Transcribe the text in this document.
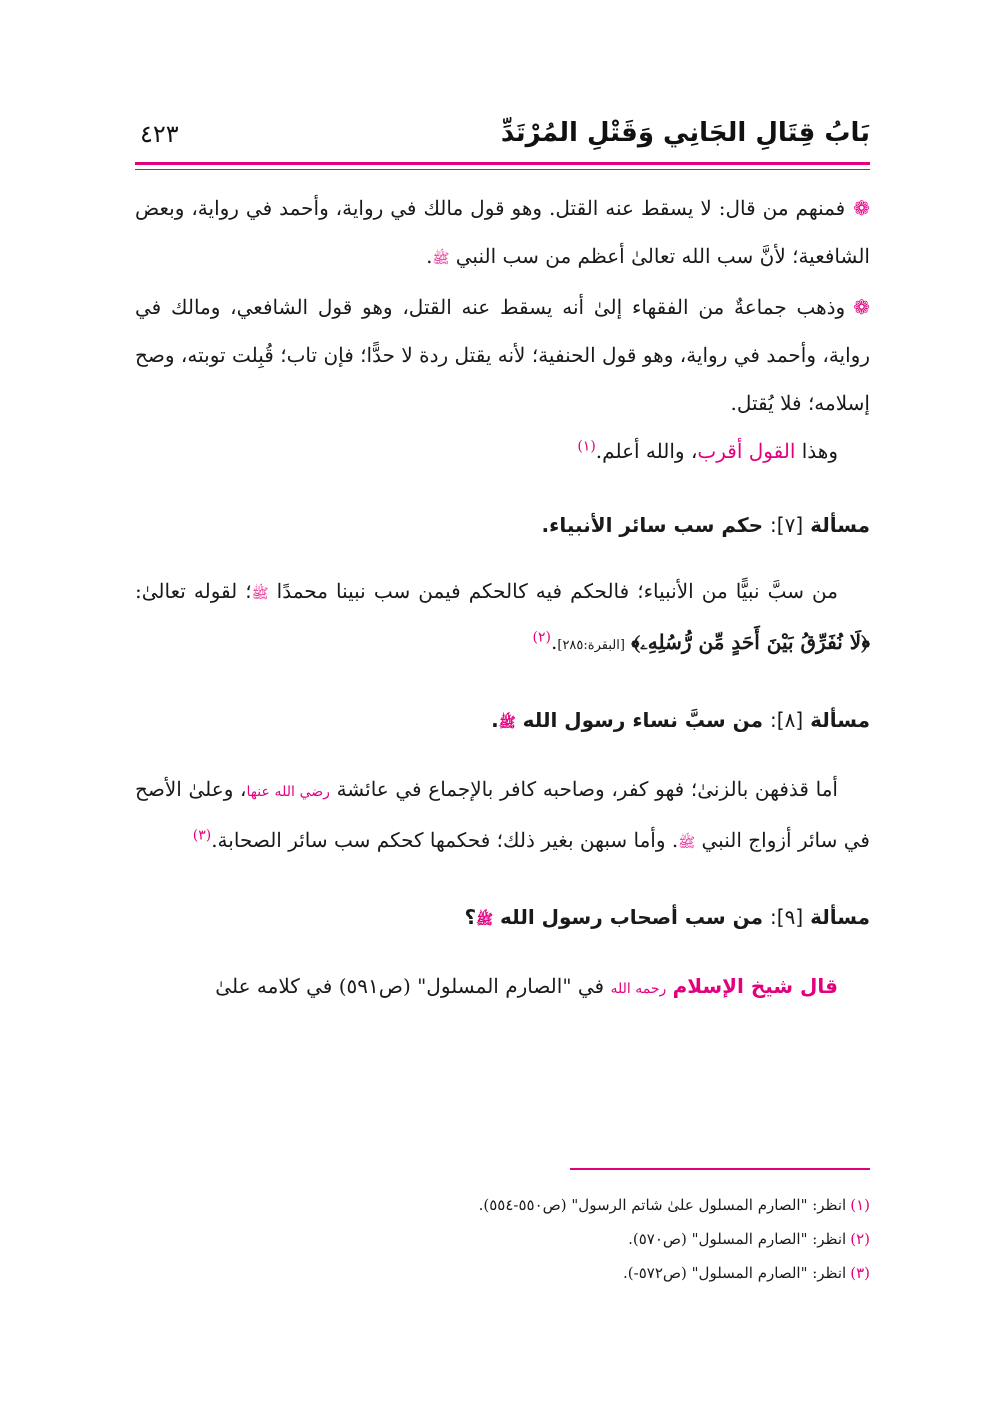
بَابُ قِتَالِ الجَانِي وَقَتْلِ المُرْتَدِّ
٤٢٣

❁فمنهم من قال: لا يسقط عنه القتل. وهو قول مالك في رواية، وأحمد في رواية، وبعض الشافعية؛ لأنَّ سب الله تعالىٰ أعظم من سب النبي ﷺ.

❁وذهب جماعةٌ من الفقهاء إلىٰ أنه يسقط عنه القتل، وهو قول الشافعي، ومالك في رواية، وأحمد في رواية، وهو قول الحنفية؛ لأنه يقتل ردة لا حدًّا؛ فإن تاب؛ قُبِلت توبته، وصح إسلامه؛ فلا يُقتل.

وهذا القول أقرب، والله أعلم.$^{(١)}$

مسألة [٧]: حكم سب سائر الأنبياء.

من سبَّ نبيًّا من الأنبياء؛ فالحكم فيه كالحكم فيمن سب نبينا محمدًا ﷺ؛ لقوله تعالىٰ: ﴿لَا نُفَرِّقُ بَيْنَ أَحَدٍ مِّن رُّسُلِهِۦ﴾ [البقرة:٢٨٥].$^{(٢)}$

مسألة [٨]: من سبَّ نساء رسول الله ﷺ.

أما قذفهن بالزنىٰ؛ فهو كفر، وصاحبه كافر بالإجماع في عائشة رضي الله عنها، وعلىٰ الأصح في سائر أزواج النبي ﷺ. وأما سبهن بغير ذلك؛ فحكمها كحكم سب سائر الصحابة.$^{(٣)}$

مسألة [٩]: من سب أصحاب رسول الله ﷺ؟

قال شيخ الإسلام رحمه الله في "الصارم المسلول" (ص٥٩١) في كلامه علىٰ

(١)انظر: "الصارم المسلول علىٰ شاتم الرسول" (ص٥٥٠-٥٥٤).

(٢)انظر: "الصارم المسلول" (ص٥٧٠).

(٣)انظر: "الصارم المسلول" (ص٥٧٢-).
